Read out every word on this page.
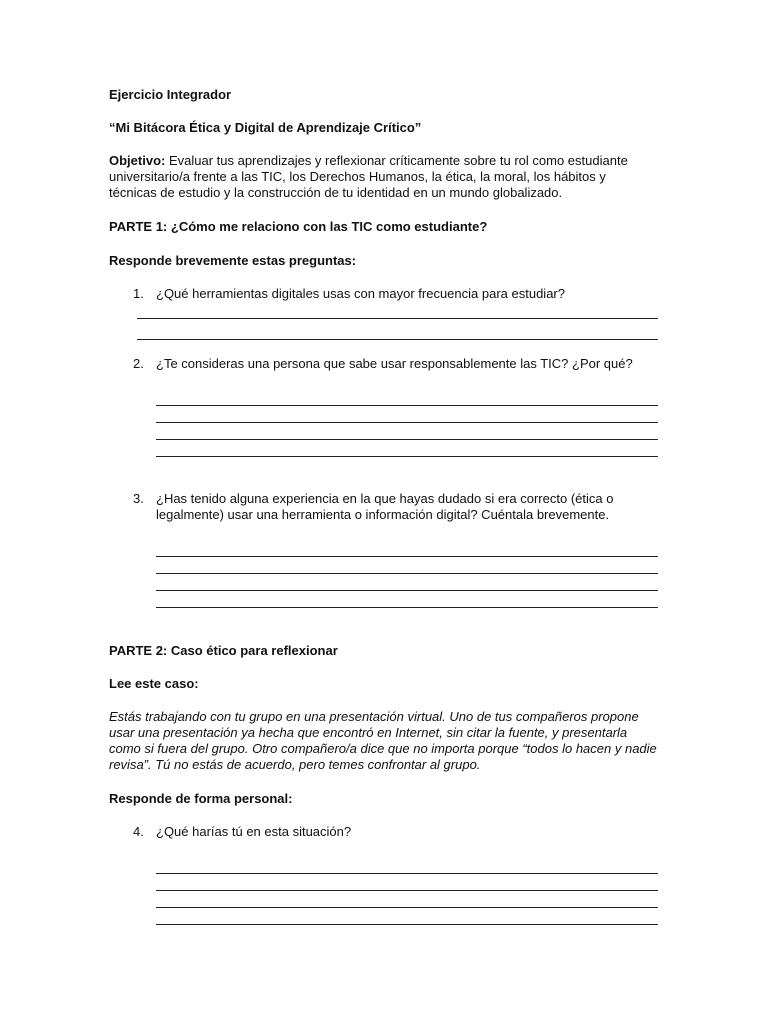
Ejercicio Integrador

“Mi Bitácora Ética y Digital de Aprendizaje Crítico”

Objetivo: Evaluar tus aprendizajes y reflexionar críticamente sobre tu rol como estudiante universitario/a frente a las TIC, los Derechos Humanos, la ética, la moral, los hábitos y técnicas de estudio y la construcción de tu identidad en un mundo globalizado.

PARTE 1: ¿Cómo me relaciono con las TIC como estudiante?

Responde brevemente estas preguntas:

1. ¿Qué herramientas digitales usas con mayor frecuencia para estudiar?
2. ¿Te consideras una persona que sabe usar responsablemente las TIC? ¿Por qué?
3. ¿Has tenido alguna experiencia en la que hayas dudado si era correcto (ética o legalmente) usar una herramienta o información digital? Cuéntala brevemente.

PARTE 2: Caso ético para reflexionar

Lee este caso:

Estás trabajando con tu grupo en una presentación virtual. Uno de tus compañeros propone usar una presentación ya hecha que encontró en Internet, sin citar la fuente, y presentarla como si fuera del grupo. Otro compañero/a dice que no importa porque “todos lo hacen y nadie revisa”. Tú no estás de acuerdo, pero temes confrontar al grupo.

Responde de forma personal:

4. ¿Qué harías tú en esta situación?
